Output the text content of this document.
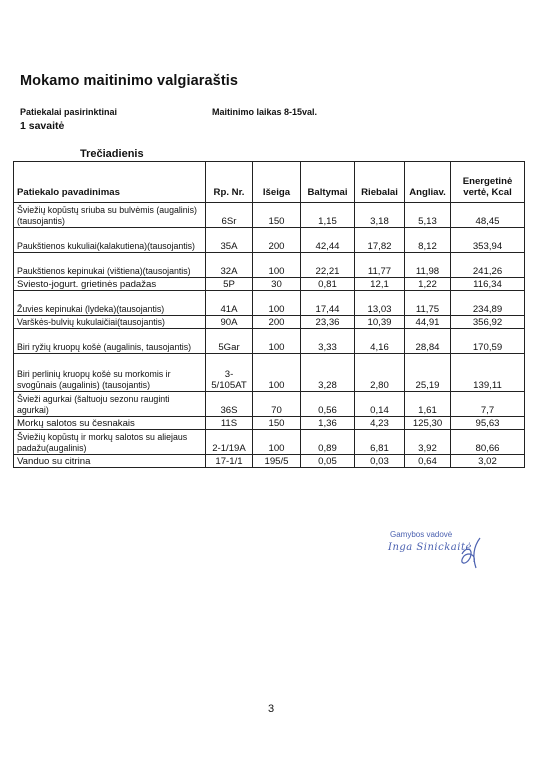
Mokamo maitinimo valgiaraštis
Patiekalai pasirinktinai
1 savaitė
Maitinimo laikas 8-15val.
Trečiadienis
Patiekalo pavadinimas	Rp. Nr.	Išeiga	Baltymai	Riebalai	Angliav.	Energetinė
vertė, Kcal
Šviežių kopūstų sriuba su bulvėmis (augalinis) (tausojantis)	6Sr	150	1,15	3,18	5,13	48,45
Paukštienos kukuliai(kalakutiena)(tausojantis)	35A	200	42,44	17,82	8,12	353,94
Paukštienos kepinukai (vištiena)(tausojantis)	32A	100	22,21	11,77	11,98	241,26
Sviesto-jogurt. grietinės padažas	5P	30	0,81	12,1	1,22	116,34
Žuvies kepinukai (lydeka)(tausojantis)	41A	100	17,44	13,03	11,75	234,89
Varškės-bulvių kukulaičiai(tausojantis)	90A	200	23,36	10,39	44,91	356,92
Biri ryžių kruopų košė (augalinis, tausojantis)	5Gar	100	3,33	4,16	28,84	170,59
Biri perlinių kruopų košė su morkomis ir svogūnais (augalinis) (tausojantis)	3-5/105AT	100	3,28	2,80	25,19	139,11
Švieži agurkai (šaltuoju sezonu rauginti agurkai)	36S	70	0,56	0,14	1,61	7,7
Morkų salotos su česnakais	11S	150	1,36	4,23	125,30	95,63
Šviežių kopūstų ir morkų salotos su aliejaus padažu(augalinis)	2-1/19A	100	0,89	6,81	3,92	80,66
Vanduo su citrina	17-1/1	195/5	0,05	0,03	0,64	3,02
Gamybos vadovė
Inga Sinickaitė
3
